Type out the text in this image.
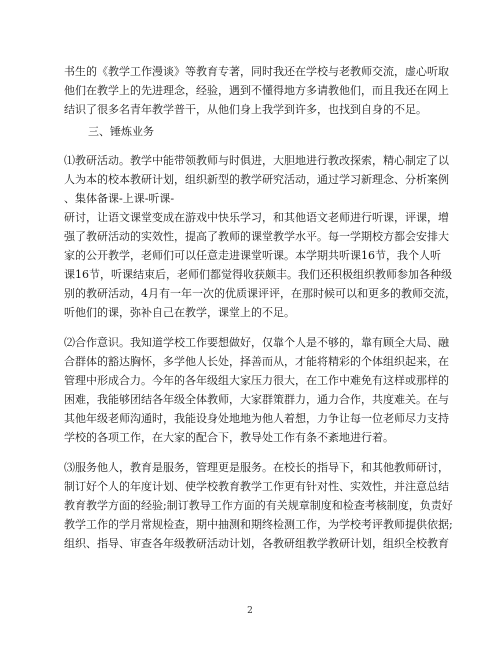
书生的《教学工作漫谈》等教育专著，同时我还在学校与老教师交流，虚心听取
他们在教学上的先进理念，经验，遇到不懂得地方多请教他们，而且我还在网上
结识了很多名青年教学普干，从他们身上我学到许多，也找到自身的不足。
三、锤炼业务
⑴教研活动。教学中能带领教师与时俱进，大胆地进行教改探索，精心制定了以
人为本的校本教研计划，组织新型的教学研究活动，通过学习新理念、分析案例
、集体备课-上课-听课-
研讨，让语文课堂变成在游戏中快乐学习，和其他语文老师进行听课，评课，增
强了教研活动的实效性，提高了教师的课堂教学水平。每一学期校方都会安排大
家的公开教学，老师们可以任意走进课堂听课。本学期共听课16节，我个人听
课16节，听课结束后，老师们都觉得收获颇丰。我们还积极组织教师参加各种级
别的教研活动，4月有一年一次的优质课评评，在那时候可以和更多的教师交流，
听他们的课，弥补自己在教学，课堂上的不足。
⑵合作意识。我知道学校工作要想做好，仅靠个人是不够的，靠有顾全大局、融
合群体的豁达胸怀，多学他人长处，择善而从，才能将精彩的个体组织起来，在
管理中形成合力。今年的各年级组大家压力很大，在工作中难免有这样或那样的
困难，我能够团结各年级全体教师，大家群策群力，通力合作，共度难关。在与
其他年级老师沟通时，我能设身处地地为他人着想，力争让每一位老师尽力支持
学校的各项工作，在大家的配合下，教导处工作有条不紊地进行着。
⑶服务他人，教育是服务，管理更是服务。在校长的指导下，和其他教师研讨，
制订好个人的年度计划、使学校教育教学工作更有针对性、实效性，并注意总结
教育教学方面的经验;制订教导工作方面的有关规章制度和检查考核制度，负责好
教学工作的学月常规检查，期中抽测和期终检测工作，为学校考评教师提供依据;
组织、指导、审查各年级教研活动计划，各教研组教学教研计划，组织全校教育
2
